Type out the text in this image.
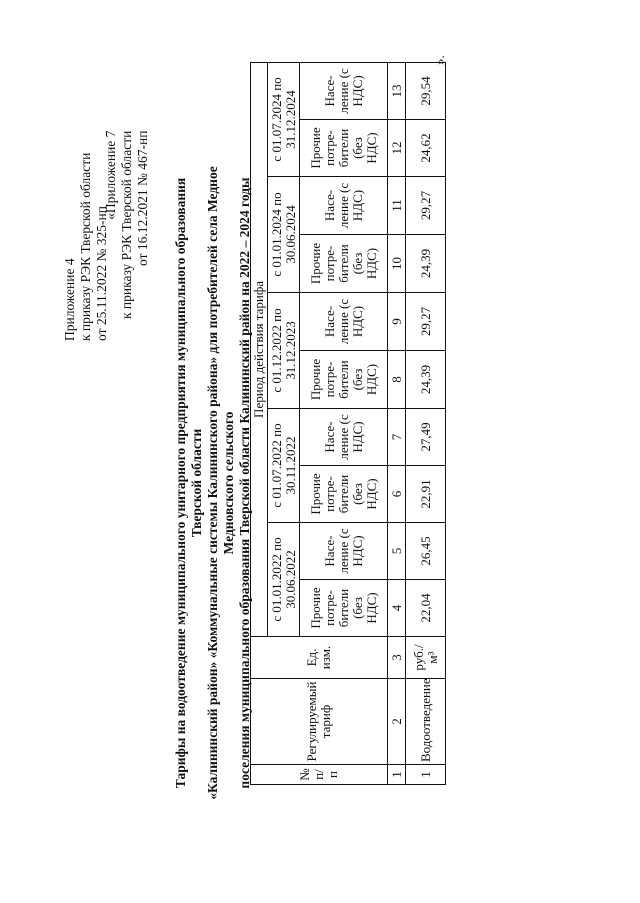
Приложение 4 к приказу РЭК Тверской области от 25.11.2022 № 325-нп
«Приложение 7 к приказу РЭК Тверской области от 16.12.2021 № 467-нп Тарифы на водоотведение муниципального унитарного предприятия муниципального образования Тверской области «Калининский район» «Коммунальные системы Калининского района» для потребителей села Медное Медновского сельского поселения муниципального образования Тверской области Калининский район на 2022 – 2024 годы	№ п/п	Регулируемый тариф	Ед. изм.	Период действия тарифа									
			с 01.01.2022 по 30.06.2022		с 01.07.2022 по 30.11.2022		с 01.12.2022 по 31.12.2023		с 01.01.2024 по 30.06.2024		с 01.07.2024 по 31.12.2024	
			Прочие потре- бители (без НДС)	Насе- ление (с НДС)	Прочие потре- бители (без НДС)	Насе- ление (с НДС)	Прочие потре- бители (без НДС)	Насе- ление (с НДС)	Прочие потре- бители (без НДС)	Насе- ление (с НДС)	Прочие потре- бители (без НДС)	Насе- ление (с НДС)
1	2	3	4	5	6	7	8	9	10	11	12	13
1	Водоотведение	руб./м³	22,04	26,45	22,91	27,49	24,39	29,27	24,39	29,27	24,62	29,54
».
